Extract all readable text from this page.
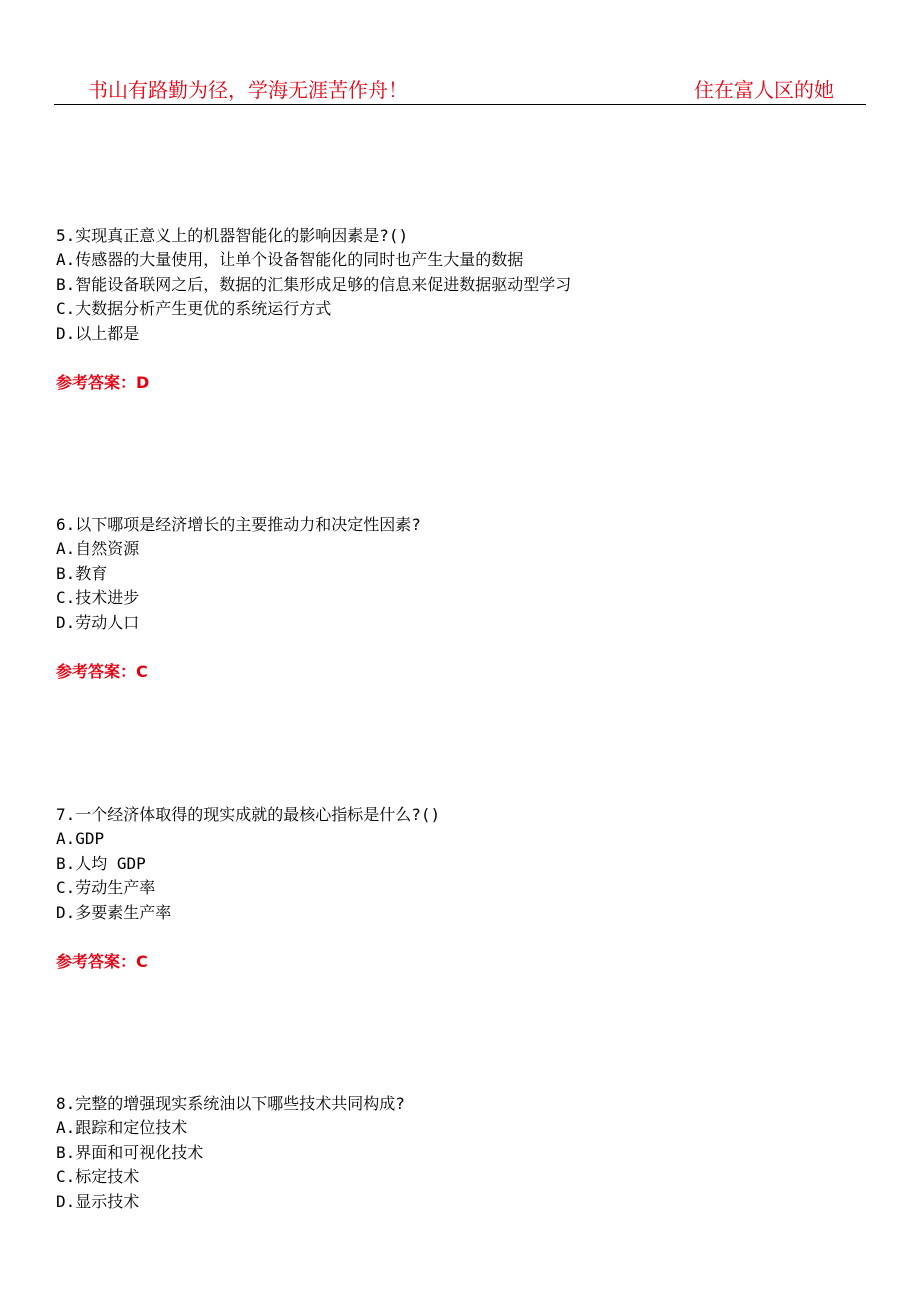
书山有路勤为径，学海无涯苦作舟！	住在富人区的她
5.实现真正意义上的机器智能化的影响因素是?()
A.传感器的大量使用，让单个设备智能化的同时也产生大量的数据
B.智能设备联网之后，数据的汇集形成足够的信息来促进数据驱动型学习
C.大数据分析产生更优的系统运行方式
D.以上都是
参考答案：D
6.以下哪项是经济增长的主要推动力和决定性因素?
A.自然资源
B.教育
C.技术进步
D.劳动人口
参考答案：C
7.一个经济体取得的现实成就的最核心指标是什么?()
A.GDP
B.人均 GDP
C.劳动生产率
D.多要素生产率
参考答案：C
8.完整的增强现实系统油以下哪些技术共同构成?
A.跟踪和定位技术
B.界面和可视化技术
C.标定技术
D.显示技术
